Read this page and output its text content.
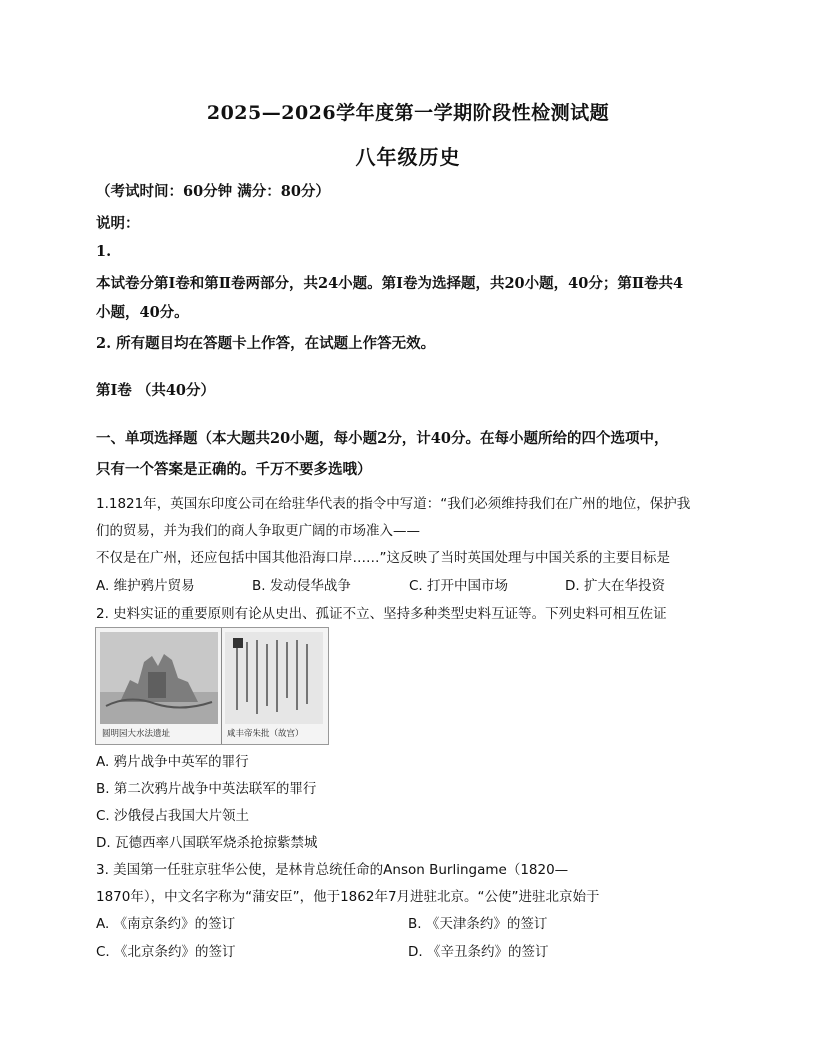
2025—2026学年度第一学期阶段性检测试题
八年级历史
（考试时间：60分钟 满分：80分）
说明：
1.
本试卷分第Ⅰ卷和第Ⅱ卷两部分，共24小题。第Ⅰ卷为选择题，共20小题，40分；第Ⅱ卷共4
小题，40分。
2. 所有题目均在答题卡上作答，在试题上作答无效。
第Ⅰ卷 （共40分）
一、单项选择题（本大题共20小题，每小题2分，计40分。在每小题所给的四个选项中，
只有一个答案是正确的。千万不要多选哦）
1.1821年，英国东印度公司在给驻华代表的指令中写道：“我们必须维持我们在广州的地位，保护我
们的贸易，并为我们的商人争取更广阔的市场准入——
不仅是在广州，还应包括中国其他沿海口岸……”这反映了当时英国处理与中国关系的主要目标是
A. 维护鸦片贸易	B. 发动侵华战争	C. 打开中国市场	D. 扩大在华投资
2. 史料实证的重要原则有论从史出、孤证不立、坚持多种类型史料互证等。下列史料可相互佐证
圆明园大水法遗址	咸丰帝朱批（故宫）
A. 鸦片战争中英军的罪行
B. 第二次鸦片战争中英法联军的罪行
C. 沙俄侵占我国大片领土
D. 瓦德西率八国联军烧杀抢掠紫禁城
3. 美国第一任驻京驻华公使，是林肯总统任命的Anson Burlingame（1820—
1870年），中文名字称为“蒲安臣”，他于1862年7月进驻北京。“公使”进驻北京始于
A. 《南京条约》的签订	B. 《天津条约》的签订
C. 《北京条约》的签订	D. 《辛丑条约》的签订
